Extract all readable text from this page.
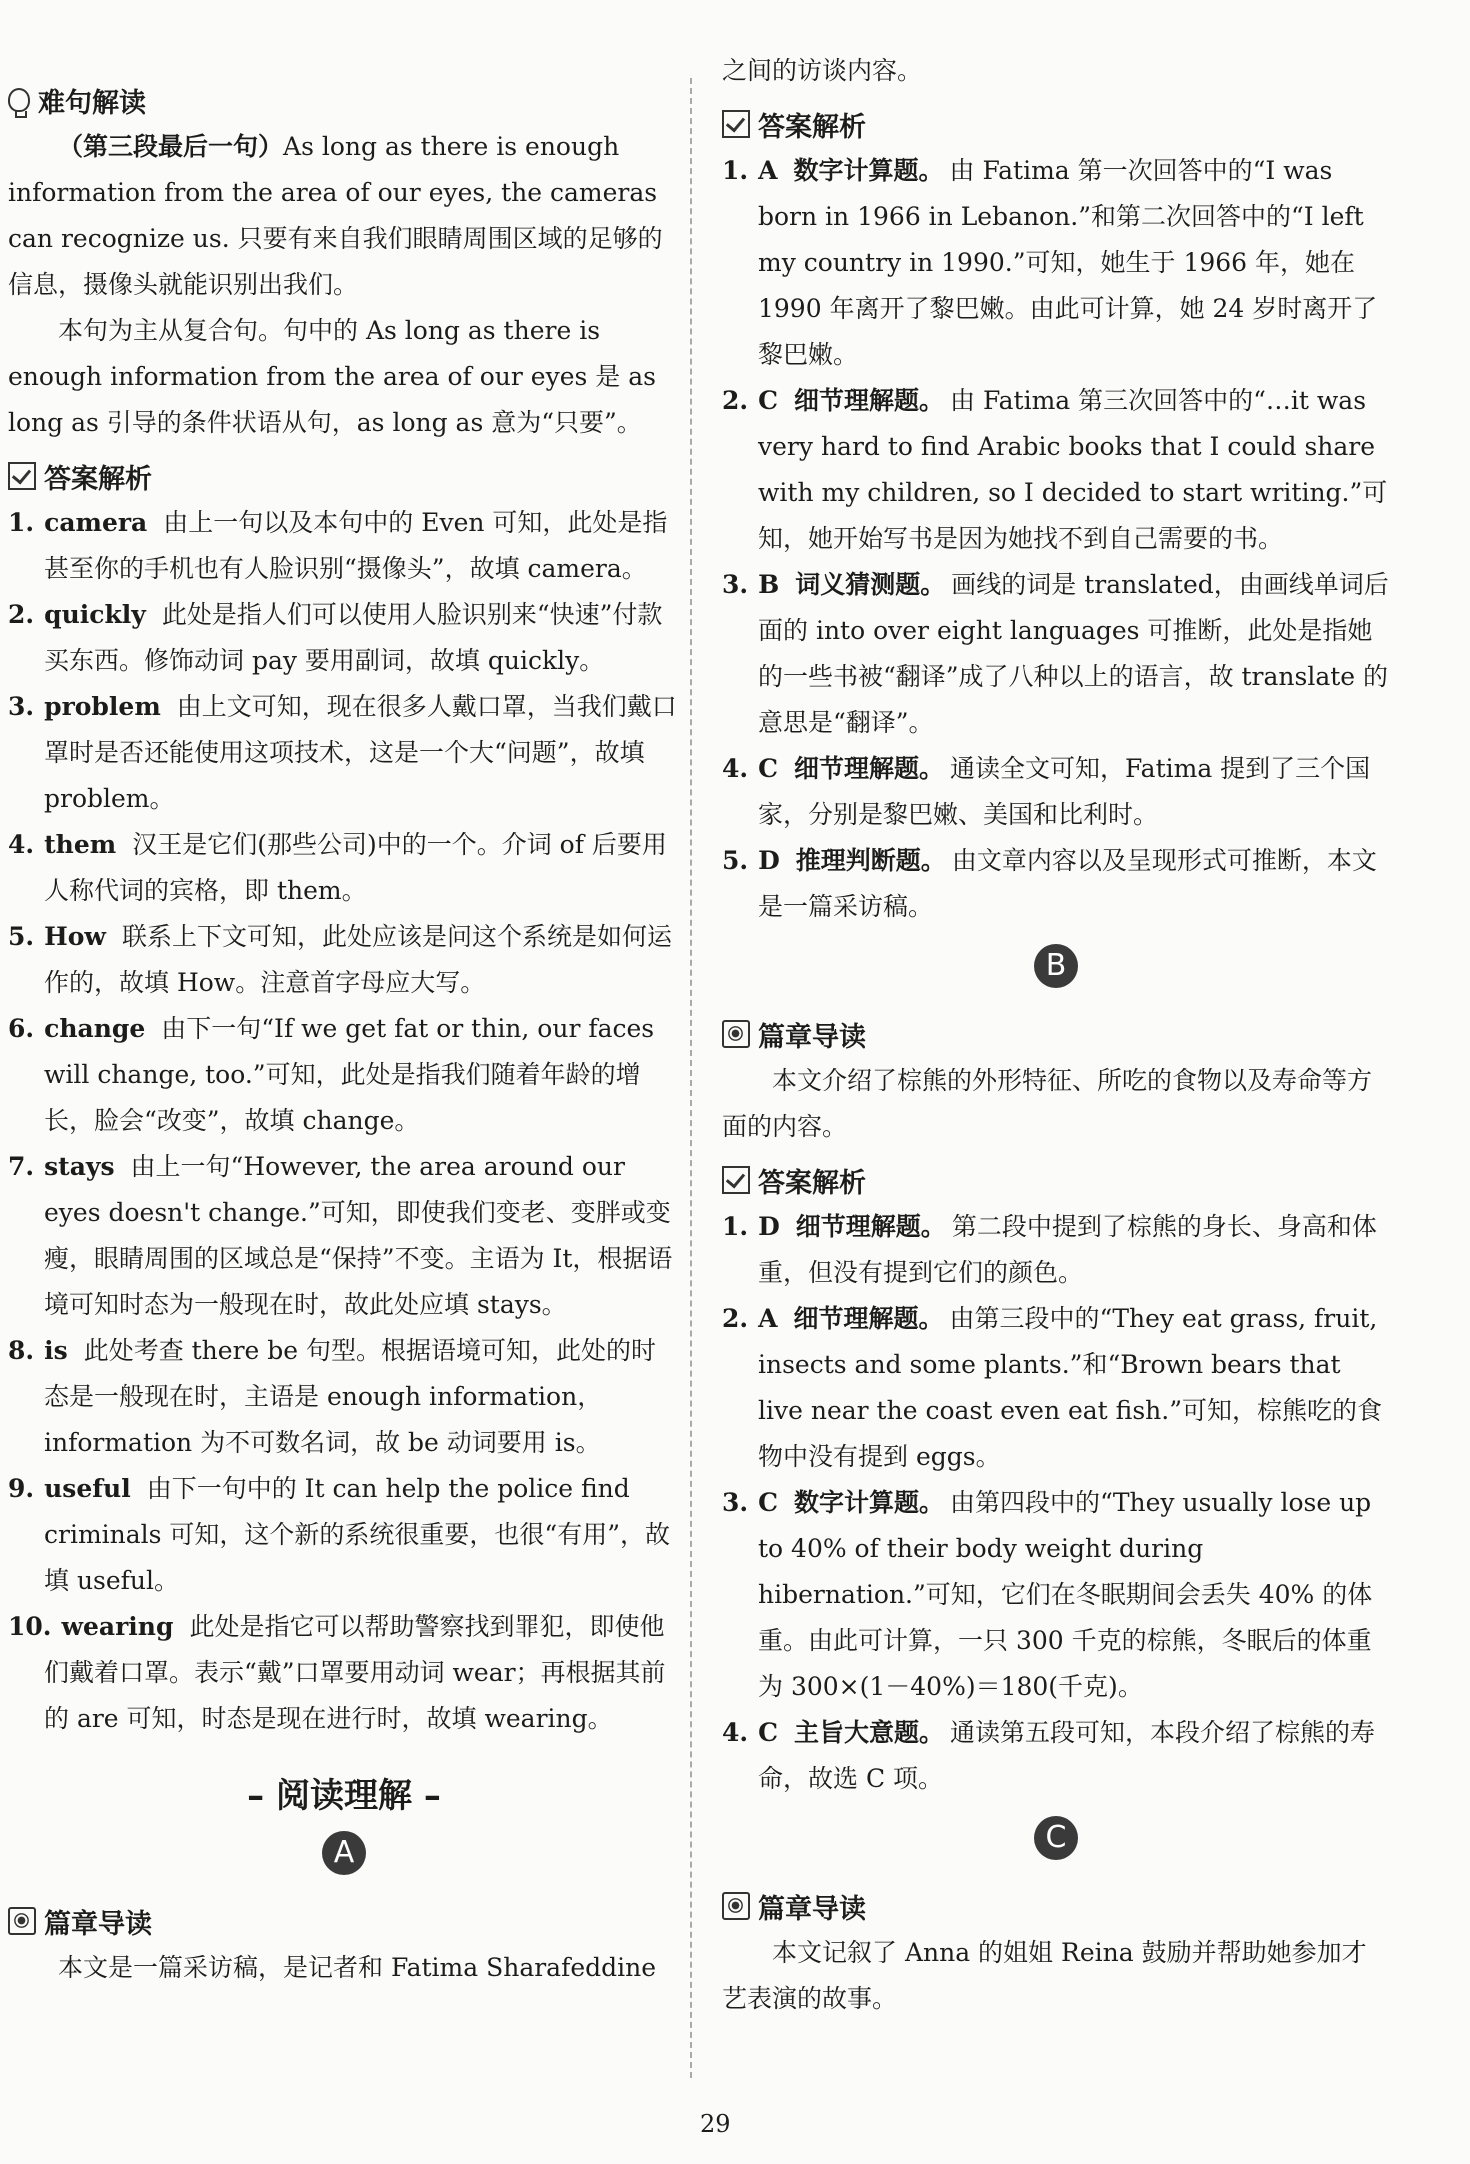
难句解读

（第三段最后一句）As long as there is enough information from the area of our eyes, the cameras can recognize us. 只要有来自我们眼睛周围区域的足够的信息，摄像头就能识别出我们。

本句为主从复合句。句中的 As long as there is enough information from the area of our eyes 是 as long as 引导的条件状语从句，as long as 意为“只要”。

答案解析
1. camera 由上一句以及本句中的 Even 可知，此处是指甚至你的手机也有人脸识别“摄像头”，故填 camera。
2. quickly 此处是指人们可以使用人脸识别来“快速”付款买东西。修饰动词 pay 要用副词，故填 quickly。
3. problem 由上文可知，现在很多人戴口罩，当我们戴口罩时是否还能使用这项技术，这是一个大“问题”，故填 problem。
4. them 汉王是它们(那些公司)中的一个。介词 of 后要用人称代词的宾格，即 them。
5. How 联系上下文可知，此处应该是问这个系统是如何运作的，故填 How。注意首字母应大写。
6. change 由下一句“If we get fat or thin, our faces will change, too.”可知，此处是指我们随着年龄的增长，脸会“改变”，故填 change。
7. stays 由上一句“However, the area around our eyes doesn't change.”可知，即使我们变老、变胖或变瘦，眼睛周围的区域总是“保持”不变。主语为 It，根据语境可知时态为一般现在时，故此处应填 stays。
8. is 此处考查 there be 句型。根据语境可知，此处的时态是一般现在时，主语是 enough information，information 为不可数名词，故 be 动词要用 is。
9. useful 由下一句中的 It can help the police find criminals 可知，这个新的系统很重要，也很“有用”，故填 useful。
10. wearing 此处是指它可以帮助警察找到罪犯，即使他们戴着口罩。表示“戴”口罩要用动词 wear；再根据其前的 are 可知，时态是现在进行时，故填 wearing。
– 阅读理解 –
A
篇章导读

本文是一篇采访稿，是记者和 Fatima Sharafeddine

之间的访谈内容。

答案解析
1. A 数字计算题。 由 Fatima 第一次回答中的“I was born in 1966 in Lebanon.”和第二次回答中的“I left my country in 1990.”可知，她生于 1966 年，她在 1990 年离开了黎巴嫩。由此可计算，她 24 岁时离开了黎巴嫩。
2. C 细节理解题。 由 Fatima 第三次回答中的“…it was very hard to find Arabic books that I could share with my children, so I decided to start writing.”可知，她开始写书是因为她找不到自己需要的书。
3. B 词义猜测题。 画线的词是 translated，由画线单词后面的 into over eight languages 可推断，此处是指她的一些书被“翻译”成了八种以上的语言，故 translate 的意思是“翻译”。
4. C 细节理解题。 通读全文可知，Fatima 提到了三个国家，分别是黎巴嫩、美国和比利时。
5. D 推理判断题。 由文章内容以及呈现形式可推断，本文是一篇采访稿。
B
篇章导读

本文介绍了棕熊的外形特征、所吃的食物以及寿命等方面的内容。

答案解析
1. D 细节理解题。 第二段中提到了棕熊的身长、身高和体重，但没有提到它们的颜色。
2. A 细节理解题。 由第三段中的“They eat grass, fruit, insects and some plants.”和“Brown bears that live near the coast even eat fish.”可知，棕熊吃的食物中没有提到 eggs。
3. C 数字计算题。 由第四段中的“They usually lose up to 40% of their body weight during hibernation.”可知，它们在冬眠期间会丢失 40% 的体重。由此可计算，一只 300 千克的棕熊，冬眠后的体重为 300×(1－40%)＝180(千克)。
4. C 主旨大意题。 通读第五段可知，本段介绍了棕熊的寿命，故选 C 项。
C
篇章导读

本文记叙了 Anna 的姐姐 Reina 鼓励并帮助她参加才艺表演的故事。

29
